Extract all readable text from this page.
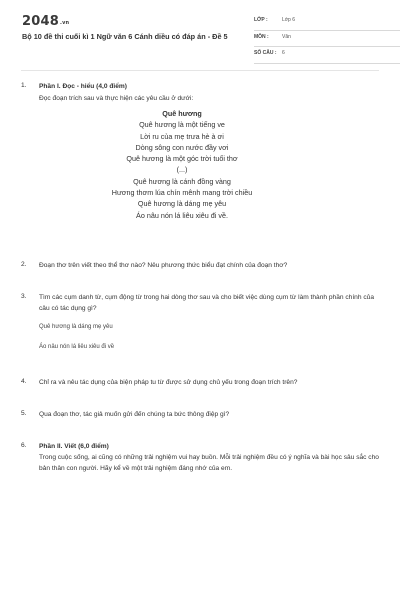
2048.vn
Bộ 10 đề thi cuối kì 1 Ngữ văn 6 Cánh diều có đáp án - Đề 5
LỚP :	Lớp 6
MÔN :	Văn
SỐ CÂU : 6
1. Phần I. Đọc - hiểu (4,0 điểm)
Đọc đoạn trích sau và thực hiện các yêu cầu ở dưới:
Quê hương
Quê hương là một tiếng ve
Lời ru của mẹ trưa hè à ơi
Dòng sông con nước đầy vơi
Quê hương là một góc trời tuổi thơ
(...)
Quê hương là cánh đồng vàng
Hương thơm lúa chín mênh mang trời chiều
Quê hương là dáng mẹ yêu
Áo nâu nón lá liêu xiêu đi về.
2. Đoạn thơ trên viết theo thể thơ nào? Nêu phương thức biểu đạt chính của đoạn thơ?
3. Tìm các cụm danh từ, cụm động từ trong hai dòng thơ sau và cho biết việc dùng cụm từ làm thành phần chính của câu có tác dụng gì?
Quê hương là dáng mẹ yêu
Áo nâu nón lá liêu xiêu đi về
4. Chỉ ra và nêu tác dụng của biện pháp tu từ được sử dụng chủ yếu trong đoạn trích trên?
5. Qua đoạn thơ, tác giả muốn gửi đến chúng ta bức thông điệp gì?
6. Phần II. Viết (6,0 điểm)
Trong cuộc sống, ai cũng có những trải nghiệm vui hay buồn. Mỗi trải nghiệm đều có ý nghĩa và bài học sâu sắc cho bản thân con người. Hãy kể về một trải nghiệm đáng nhớ của em.
